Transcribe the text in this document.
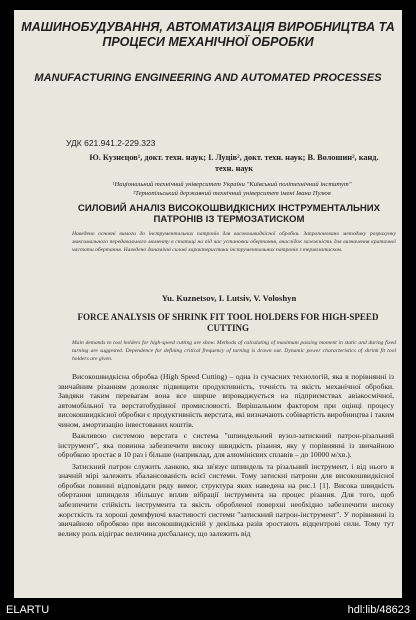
МАШИНОБУДУВАННЯ, АВТОМАТИЗАЦІЯ ВИРОБНИЦТВА ТА ПРОЦЕСИ МЕХАНІЧНОЇ ОБРОБКИ
MANUFACTURING ENGINEERING AND AUTOMATED PROCESSES
УДК 621.941.2-229.323
Ю. Кузнєцов¹, докт. техн. наук; І. Луців², докт. техн. наук; В. Волошин², канд. техн. наук
¹Національний технічний університет України "Київський політехнічний інститут"
²Тернопільський державний технічний університет імені Івана Пулюя
СИЛОВИЙ АНАЛІЗ ВИСОКОШВИДКІСНИХ ІНСТРУМЕНТАЛЬНИХ ПАТРОНІВ ІЗ ТЕРМОЗАТИСКОМ
Наведено основні вимоги до інструментальних патронів для високошвидкісної обробки. Запропоновано методику розрахунку максимального передавального моменту в статиці на під час установки обертання, внаслідок залежність для визначення критичної частоти обертання. Наведено динамічні силові характеристики інструментальних патронів з термозатиском.
Yu. Kuznetsov, I. Lutsiv, V. Voloshyn
FORCE ANALYSIS OF SHRINK FIT TOOL HOLDERS FOR HIGH-SPEED CUTTING
Main demands to tool holders for high-speed cutting are show. Methods of calculating of maximum passing moment in static and during fixed turning are suggested. Dependence for defining critical frequency of turning is drawn out. Dynamic power characteristics of shrink fit tool holders are given.

Високошвидкісна обробка (High Speed Cutting) – одна із сучасних технологій, яка в порівнянні із звичайним різанням дозволяє підвищити продуктивність, точність та якість механічної обробки. Завдяки таким перевагам вона все ширше впроваджується на підприємствах авіакосмічної, автомобільної та верстатобудівної промисловості. Вирішальним фактором при оцінці процесу високошвидкісної обробки є продуктивність верстата, які визначають собівартість виробництва і таким чином, амортизацію інвестованих коштів.

Важливою системою верстата є система "шпиндельний вузол-затискний патрон-різальний інструмент", яка повинна забезпечити високу швидкість різання, яку у порівнянні із звичайною обробкою зростає в 10 раз і більше (наприклад, для алюмінієвих сплавів – до 10000 м/хв.).

Затискний патрон служить ланкою, яка зв'язує шпиндель та різальний інструмент, і від нього в значній мірі залежить збалансованість всієї системи. Тому затискні патрони для високошвидкісної обробки повинні відповідати ряду вимог, структура яких наведена на рис.1 [1]. Висока швидкість обертання шпинделя збільшує вплив вібрації інструмента на процес різання. Для того, щоб забезпечити стійкість інструмента та якість обробленої поверхні необхідно забезпечити високу жорсткість та хороші демпфуючі властивості системи "затискний патрон-інструмент". У порівнянні із звичайною обробкою при високошвидкісній у декілька разів зростають відцентрові сили. Тому тут велику роль відіграє величина дисбалансу, що залежить від

ELARTU	hdl:lib/48623
